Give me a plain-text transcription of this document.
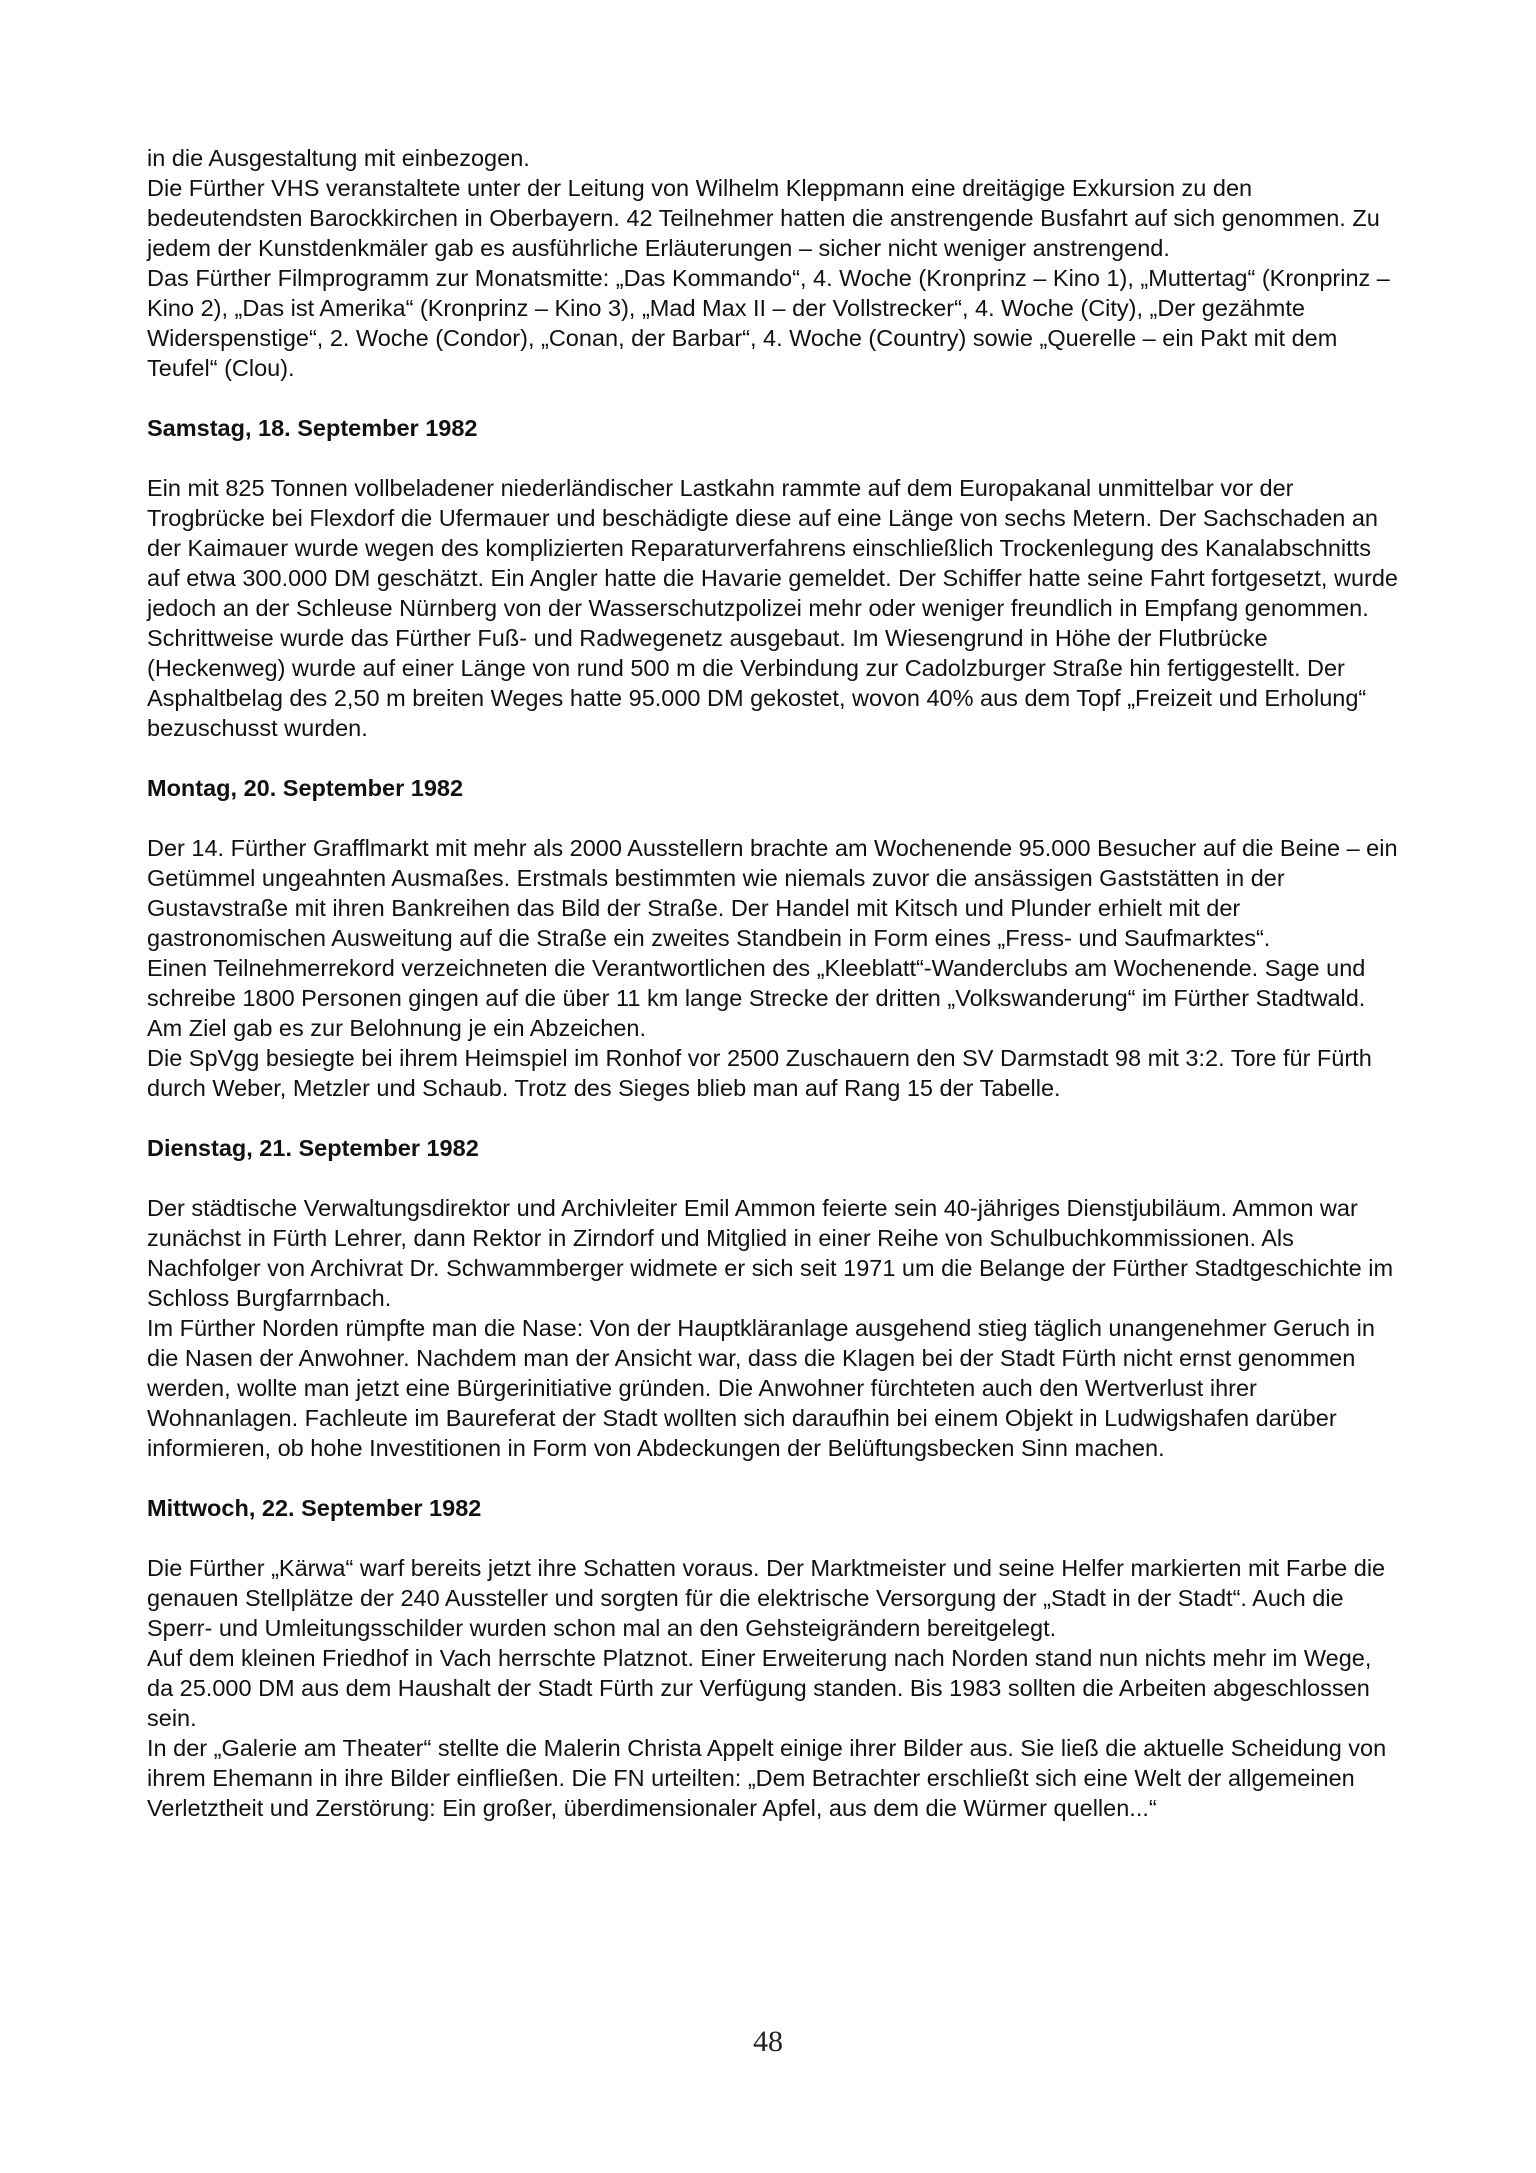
in die Ausgestaltung mit einbezogen.

Die Fürther VHS veranstaltete unter der Leitung von Wilhelm Kleppmann eine dreitägige Exkursion zu den bedeutendsten Barockkirchen in Oberbayern. 42 Teilnehmer hatten die anstrengende Busfahrt auf sich genommen. Zu jedem der Kunstdenkmäler gab es ausführliche Erläuterungen – sicher nicht weniger anstrengend.

Das Fürther Filmprogramm zur Monatsmitte: „Das Kommando“, 4. Woche (Kronprinz – Kino 1), „Muttertag“ (Kronprinz – Kino 2), „Das ist Amerika“ (Kronprinz – Kino 3), „Mad Max II – der Vollstrecker“, 4. Woche (City), „Der gezähmte Widerspenstige“, 2. Woche (Condor), „Conan, der Barbar“, 4. Woche (Country) sowie „Querelle – ein Pakt mit dem Teufel“ (Clou).

Samstag, 18. September 1982

Ein mit 825 Tonnen vollbeladener niederländischer Lastkahn rammte auf dem Europakanal unmittelbar vor der Trogbrücke bei Flexdorf die Ufermauer und beschädigte diese auf eine Länge von sechs Metern. Der Sachschaden an der Kaimauer wurde wegen des komplizierten Reparaturverfahrens einschließlich Trockenlegung des Kanalabschnitts auf etwa 300.000 DM geschätzt. Ein Angler hatte die Havarie gemeldet. Der Schiffer hatte seine Fahrt fortgesetzt, wurde jedoch an der Schleuse Nürnberg von der Wasserschutzpolizei mehr oder weniger freundlich in Empfang genommen.

Schrittweise wurde das Fürther Fuß- und Radwegenetz ausgebaut. Im Wiesengrund in Höhe der Flutbrücke (Heckenweg) wurde auf einer Länge von rund 500 m die Verbindung zur Cadolzburger Straße hin fertiggestellt. Der Asphaltbelag des 2,50 m breiten Weges hatte 95.000 DM gekostet, wovon 40% aus dem Topf „Freizeit und Erholung“ bezuschusst wurden.

Montag, 20. September 1982

Der 14. Fürther Grafflmarkt mit mehr als 2000 Ausstellern brachte am Wochenende 95.000 Besucher auf die Beine – ein Getümmel ungeahnten Ausmaßes. Erstmals bestimmten wie niemals zuvor die ansässigen Gaststätten in der Gustavstraße mit ihren Bankreihen das Bild der Straße. Der Handel mit Kitsch und Plunder erhielt mit der gastronomischen Ausweitung auf die Straße ein zweites Standbein in Form eines „Fress- und Saufmarktes“.

Einen Teilnehmerrekord verzeichneten die Verantwortlichen des „Kleeblatt“-Wanderclubs am Wochenende. Sage und schreibe 1800 Personen gingen auf die über 11 km lange Strecke der dritten „Volkswanderung“ im Fürther Stadtwald. Am Ziel gab es zur Belohnung je ein Abzeichen.

Die SpVgg besiegte bei ihrem Heimspiel im Ronhof vor 2500 Zuschauern den SV Darmstadt 98 mit 3:2. Tore für Fürth durch Weber, Metzler und Schaub. Trotz des Sieges blieb man auf Rang 15 der Tabelle.

Dienstag, 21. September 1982

Der städtische Verwaltungsdirektor und Archivleiter Emil Ammon feierte sein 40-jähriges Dienstjubiläum. Ammon war zunächst in Fürth Lehrer, dann Rektor in Zirndorf und Mitglied in einer Reihe von Schulbuchkommissionen. Als Nachfolger von Archivrat Dr. Schwammberger widmete er sich seit 1971 um die Belange der Fürther Stadtgeschichte im Schloss Burgfarrnbach.

Im Fürther Norden rümpfte man die Nase: Von der Hauptkläranlage ausgehend stieg täglich unangenehmer Geruch in die Nasen der Anwohner. Nachdem man der Ansicht war, dass die Klagen bei der Stadt Fürth nicht ernst genommen werden, wollte man jetzt eine Bürgerinitiative gründen. Die Anwohner fürchteten auch den Wertverlust ihrer Wohnanlagen. Fachleute im Baureferat der Stadt wollten sich daraufhin bei einem Objekt in Ludwigshafen darüber informieren, ob hohe Investitionen in Form von Abdeckungen der Belüftungsbecken Sinn machen.

Mittwoch, 22. September 1982

Die Fürther „Kärwa“ warf bereits jetzt ihre Schatten voraus. Der Marktmeister und seine Helfer markierten mit Farbe die genauen Stellplätze der 240 Aussteller und sorgten für die elektrische Versorgung der „Stadt in der Stadt“. Auch die Sperr- und Umleitungsschilder wurden schon mal an den Gehsteigrändern bereitgelegt.

Auf dem kleinen Friedhof in Vach herrschte Platznot. Einer Erweiterung nach Norden stand nun nichts mehr im Wege, da 25.000 DM aus dem Haushalt der Stadt Fürth zur Verfügung standen. Bis 1983 sollten die Arbeiten abgeschlossen sein.

In der „Galerie am Theater“ stellte die Malerin Christa Appelt einige ihrer Bilder aus. Sie ließ die aktuelle Scheidung von ihrem Ehemann in ihre Bilder einfließen. Die FN urteilten: „Dem Betrachter erschließt sich eine Welt der allgemeinen Verletztheit und Zerstörung: Ein großer, überdimensionaler Apfel, aus dem die Würmer quellen...“

48
